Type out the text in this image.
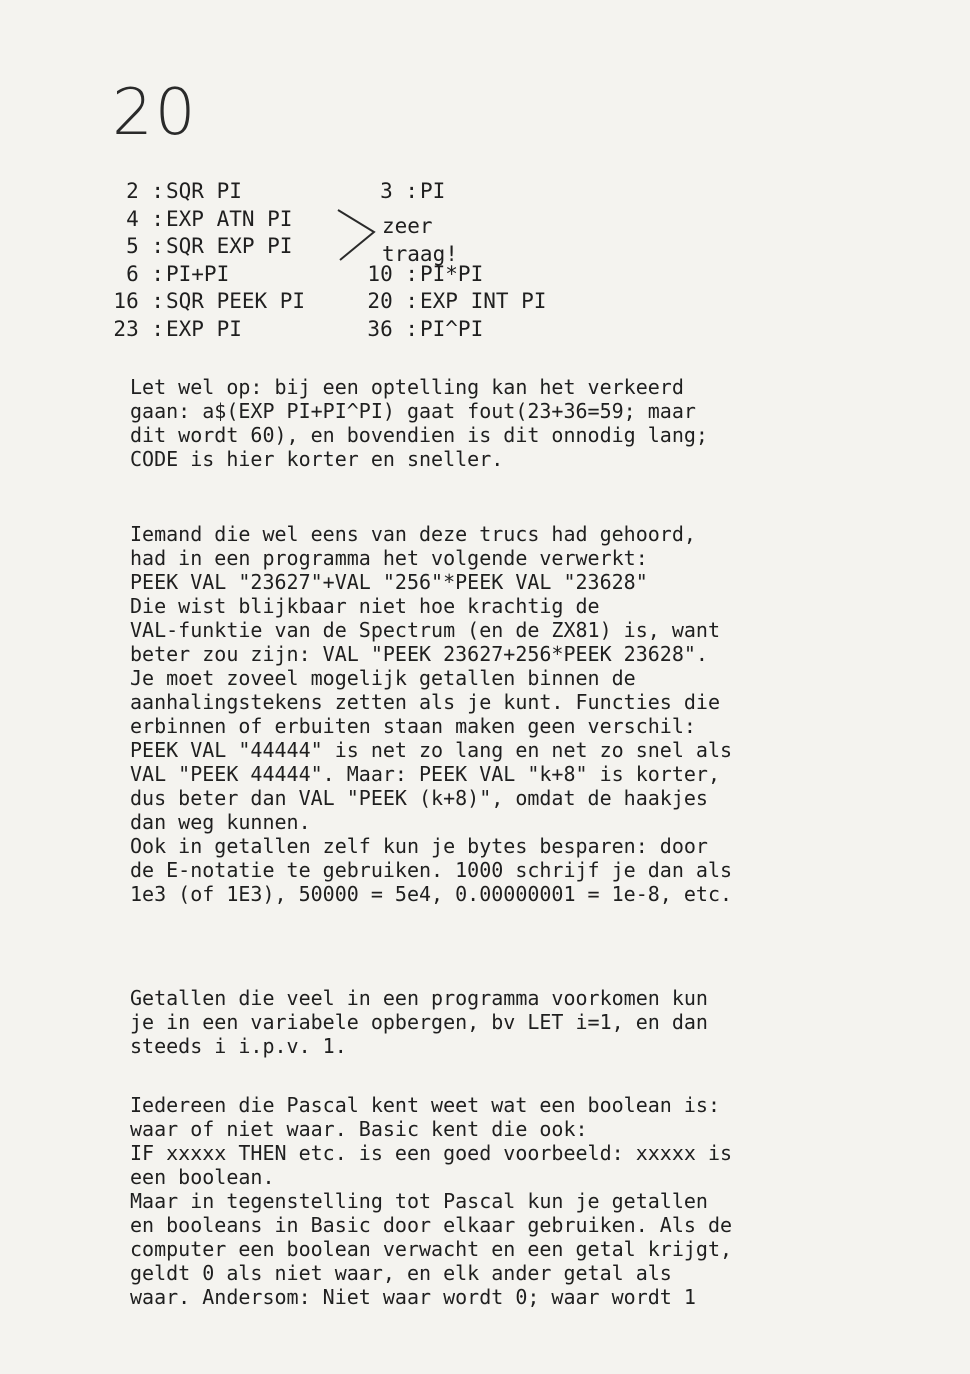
20
2 : SQR PI	3 : PI
4 : EXP ATN PI
5 : SQR EXP PI
6 : PI+PI	10 : PI*PI
16 : SQR PEEK PI	20 : EXP INT PI
23 : EXP PI	36 : PI^PI
zeer traag!

Let wel op: bij een optelling kan het verkeerd

gaan: a$(EXP PI+PI^PI) gaat fout(23+36=59; maar

dit wordt 60), en bovendien is dit onnodig lang;

CODE is hier korter en sneller.

Iemand die wel eens van deze trucs had gehoord,

had in een programma het volgende verwerkt:

PEEK VAL "23627"+VAL "256"*PEEK VAL "23628"

Die wist blijkbaar niet hoe krachtig de

VAL-funktie van de Spectrum (en de ZX81) is, want

beter zou zijn: VAL "PEEK 23627+256*PEEK 23628".

Je moet zoveel mogelijk getallen binnen de

aanhalingstekens zetten als je kunt. Functies die

erbinnen of erbuiten staan maken geen verschil:

PEEK VAL "44444" is net zo lang en net zo snel als

VAL "PEEK 44444". Maar: PEEK VAL "k+8" is korter,

dus beter dan VAL "PEEK (k+8)", omdat de haakjes

dan weg kunnen.

Ook in getallen zelf kun je bytes besparen: door

de E-notatie te gebruiken. 1000 schrijf je dan als

1e3 (of 1E3), 50000 = 5e4, 0.00000001 = 1e-8, etc.

Getallen die veel in een programma voorkomen kun

je in een variabele opbergen, bv LET i=1, en dan

steeds i i.p.v. 1.

Iedereen die Pascal kent weet wat een boolean is:

waar of niet waar. Basic kent die ook:

IF xxxxx THEN etc. is een goed voorbeeld: xxxxx is

een boolean.

Maar in tegenstelling tot Pascal kun je getallen

en booleans in Basic door elkaar gebruiken. Als de

computer een boolean verwacht en een getal krijgt,

geldt 0 als niet waar, en elk ander getal als

waar. Andersom: Niet waar wordt 0; waar wordt 1
